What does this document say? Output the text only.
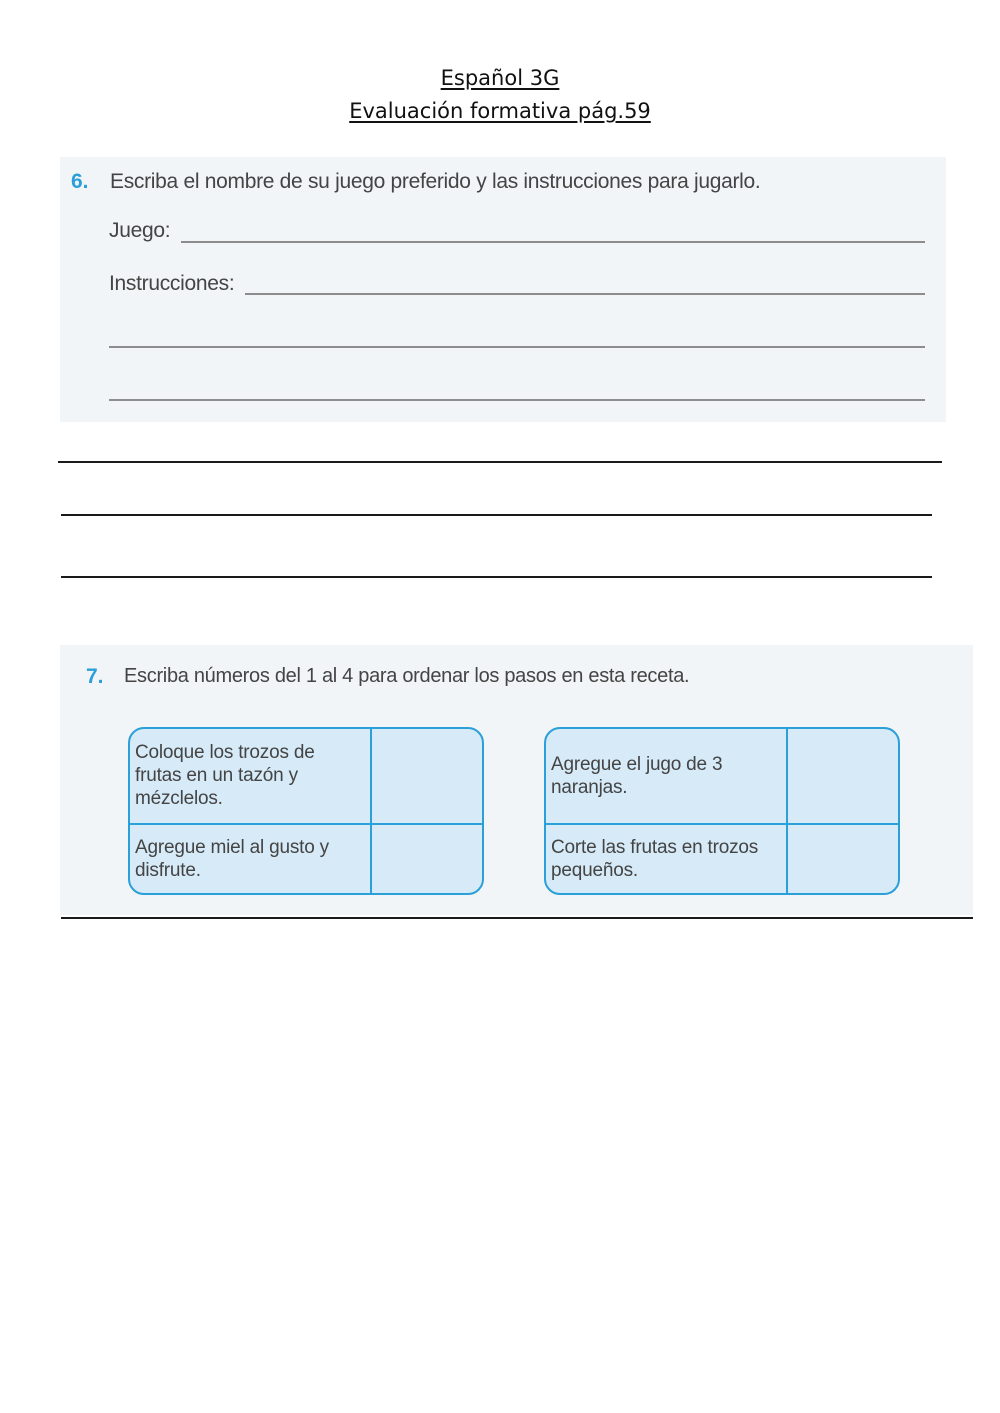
Español 3G
Evaluación formativa pág.59
6. Escriba el nombre de su juego preferido y las instrucciones para jugarlo.
Juego:
Instrucciones:
7. Escriba números del 1 al 4 para ordenar los pasos en esta receta.
Coloque los trozos de frutas en un tazón y mézclelos.
Agregue miel al gusto y disfrute.
Agregue el jugo de 3 naranjas.
Corte las frutas en trozos pequeños.
